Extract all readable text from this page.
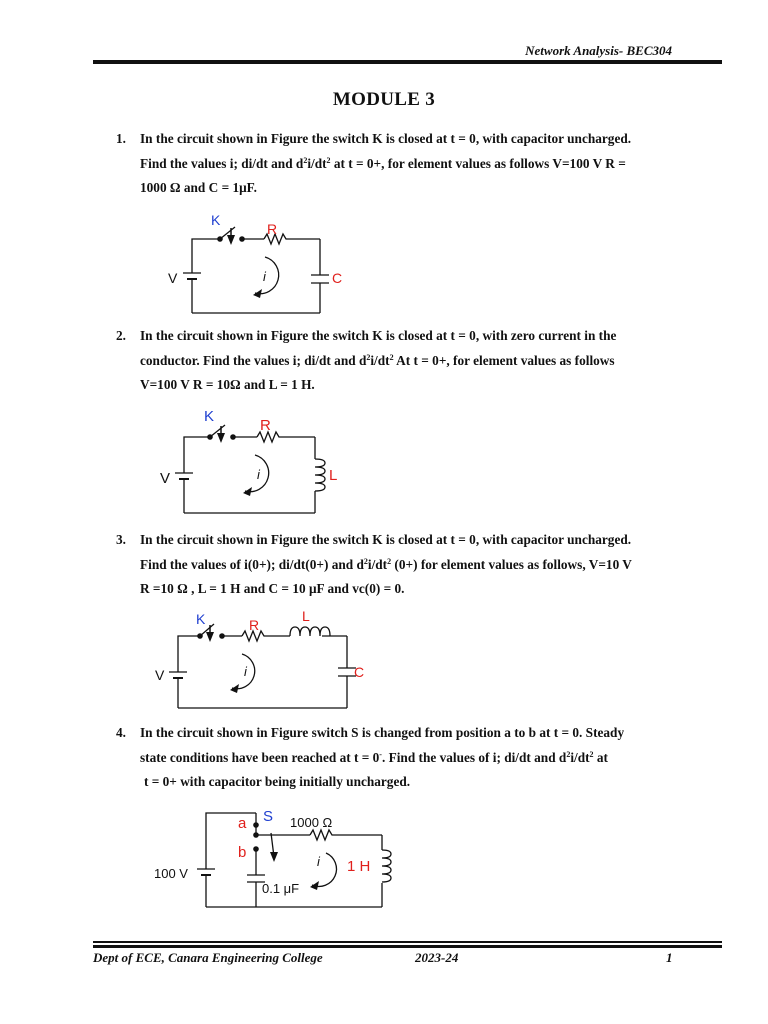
Network Analysis- BEC304
MODULE 3
1. In the circuit shown in Figure the switch K is closed at t = 0, with capacitor uncharged.
Find the values i; di/dt and $d^2i/dt^2$ at t = 0+, for element values as follows V=100 V R =
1000 Ω and C = 1μF.
K
R
V	i	C
2. In the circuit shown in Figure the switch K is closed at t = 0, with zero current in the
conductor. Find the values i; di/dt and $d^2i/dt^2$ At t = 0+, for element values as follows
V=100 V R = 10Ω and L = 1 H.
K
R
V	i	L
3. In the circuit shown in Figure the switch K is closed at t = 0, with capacitor uncharged.
Find the values of i(0+); di/dt(0+) and $d^2i/dt^2$ (0+) for element values as follows, V=10 V
R =10 Ω , L = 1 H and C = 10 μF and vc(0) = 0.
K	R
L
V	i	C
4. In the circuit shown in Figure switch S is changed from position a to b at t = 0. Steady
state conditions have been reached at t = 0-. Find the values of i; di/dt and $d^2i/dt^2$ at
t = 0+ with capacitor being initially uncharged.
S
a
b
1000 Ω
100 V
i 1 H
0.1 μF
Dept of ECE, Canara Engineering College	2023-24	1
